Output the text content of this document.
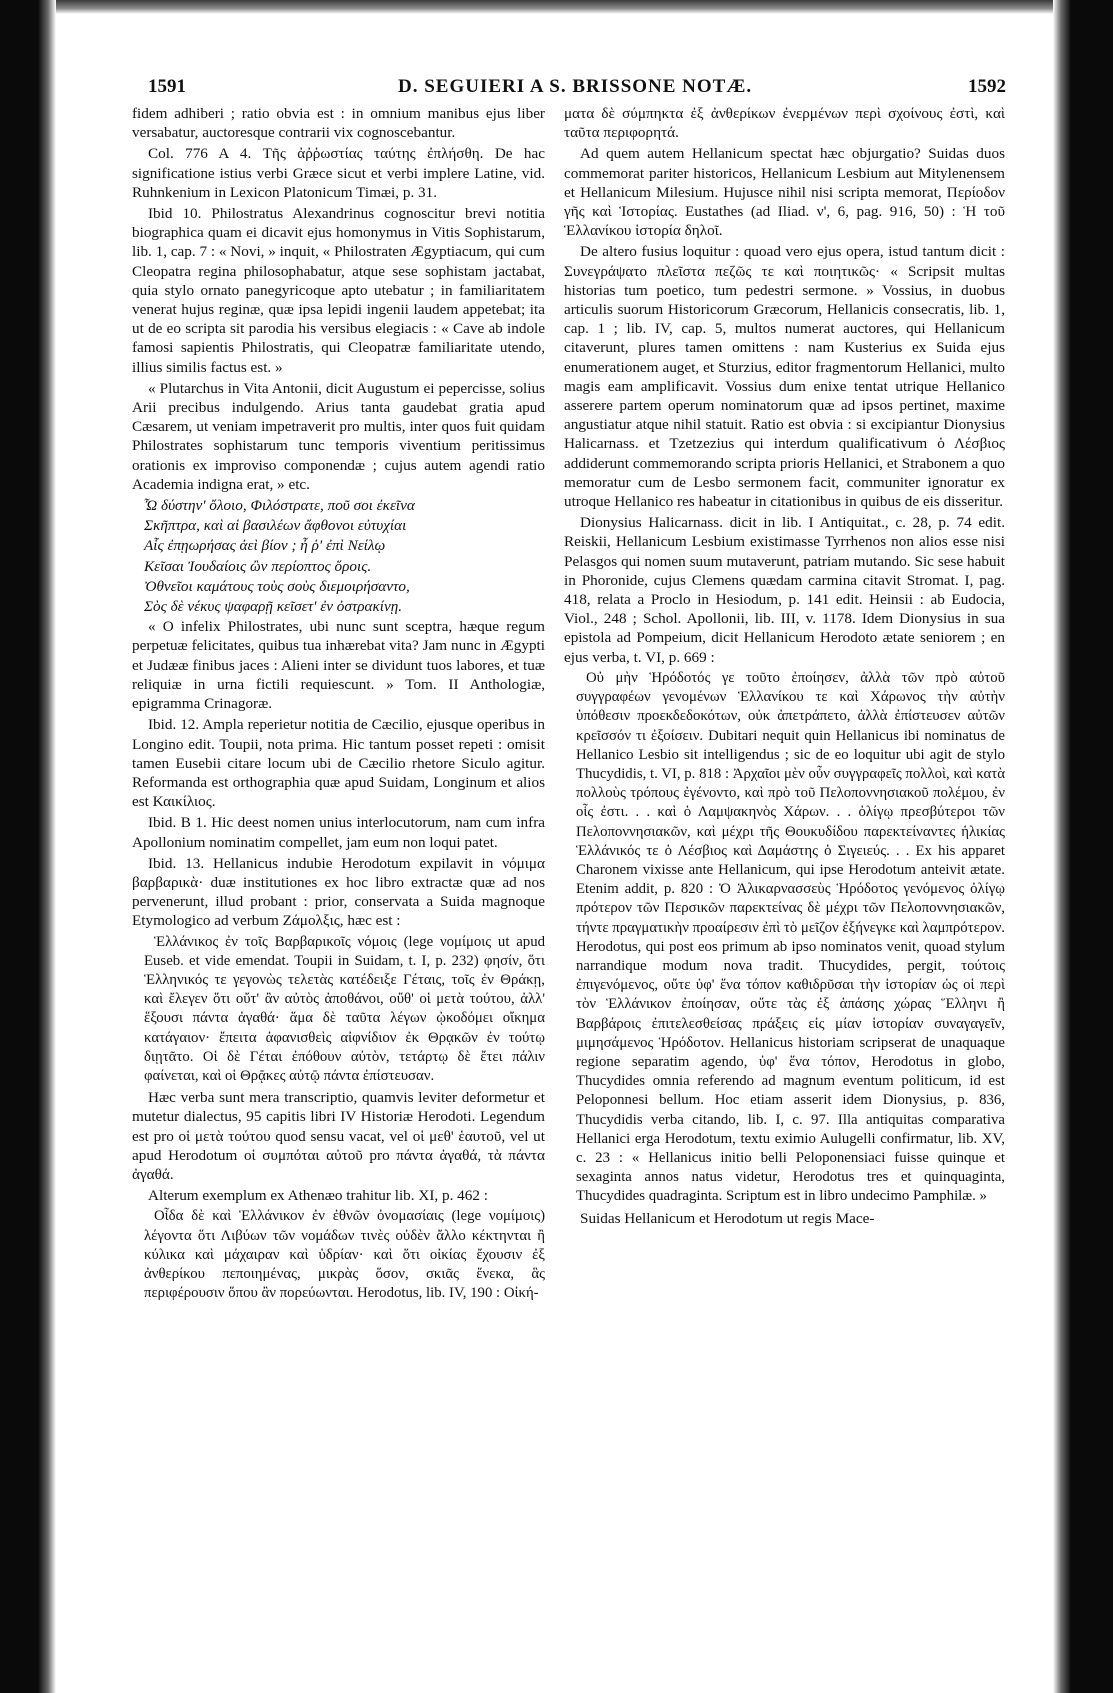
1591	D. SEGUIERI A S. BRISSONE NOTÆ.	1592

fidem adhiberi ; ratio obvia est : in omnium manibus ejus liber versabatur, auctoresque contrarii vix cognoscebantur.

Col. 776 A 4. Τῆς ἀῤῥωστίας ταύτης ἐπλήσθη. De hac significatione istius verbi Græce sicut et verbi implere Latine, vid. Ruhnkenium in Lexicon Platonicum Timæi, p. 31.

Ibid 10. Philostratus Alexandrinus cognoscitur brevi notitia biographica quam ei dicavit ejus homonymus in Vitis Sophistarum, lib. 1, cap. 7 : « Novi, » inquit, « Philostraten Ægyptiacum, qui cum Cleopatra regina philosophabatur, atque sese sophistam jactabat, quia stylo ornato panegyricoque apto utebatur ; in familiaritatem venerat hujus reginæ, quæ ipsa lepidi ingenii laudem appetebat; ita ut de eo scripta sit parodia his versibus elegiacis : « Cave ab indole famosi sapientis Philostratis, qui Cleopatræ familiaritate utendo, illius similis factus est. »

« Plutarchus in Vita Antonii, dicit Augustum ei pepercisse, solius Arii precibus indulgendo. Arius tanta gaudebat gratia apud Cæsarem, ut veniam impetraverit pro multis, inter quos fuit quidam Philostrates sophistarum tunc temporis viventium peritissimus orationis ex improviso componendæ ; cujus autem agendi ratio Academia indigna erat, » etc.

Ὦ δύστην' ὄλοιο, Φιλόστρατε, ποῦ σοι ἐκεῖνα

Σκῆπτρα, καὶ αἱ βασιλέων ἄφθονοι εὐτυχίαι

Αἷς ἐπῃωρήσας ἀεὶ βίον ; ἦ ῥ' ἐπὶ Νείλῳ

Κεῖσαι Ἰουδαίοις ὢν περίοπτος ὅροις.

Ὀθνεῖοι καμάτους τοὺς σοὺς διεμοιρήσαντο,

Σὸς δὲ νέκυς ψαφαρῇ κεῖσετ' ἐν ὀστρακίνῃ.

« O infelix Philostrates, ubi nunc sunt sceptra, hæque regum perpetuæ felicitates, quibus tua inhærebat vita? Jam nunc in Ægypti et Judææ finibus jaces : Alieni inter se dividunt tuos labores, et tuæ reliquiæ in urna fictili requiescunt. » Tom. II Anthologiæ, epigramma Crinagoræ.

Ibid. 12. Ampla reperietur notitia de Cæcilio, ejusque operibus in Longino edit. Toupii, nota prima. Hic tantum posset repeti : omisit tamen Eusebii citare locum ubi de Cæcilio rhetore Siculo agitur. Reformanda est orthographia quæ apud Suidam, Longinum et alios est Καικίλιος.

Ibid. B 1. Hic deest nomen unius interlocutorum, nam cum infra Apollonium nominatim compellet, jam eum non loqui patet.

Ibid. 13. Hellanicus indubie Herodotum expilavit in νόμιμα βαρβαρικὰ· duæ institutiones ex hoc libro extractæ quæ ad nos pervenerunt, illud probant : prior, conservata a Suida magnoque Etymologico ad verbum Ζάμολξις, hæc est :

Ἑλλάνικος ἐν τοῖς Βαρβαρικοῖς νόμοις (lege νομίμοις ut apud Euseb. et vide emendat. Toupii in Suidam, t. I, p. 232) φησίν, ὅτι Ἑλληνικός τε γεγονὼς τελετὰς κατέδειξε Γέταις, τοῖς ἐν Θράκῃ, καὶ ἔλεγεν ὅτι οὔτ' ἂν αὐτὸς ἀποθάνοι, οὔθ' οἱ μετὰ τούτου, ἀλλ' ἕξουσι πάντα ἀγαθά· ἅμα δὲ ταῦτα λέγων ᾠκοδόμει οἴκημα κατάγαιον· ἔπειτα ἀφανισθεὶς αἰφνίδιον ἐκ Θρᾳκῶν ἐν τούτῳ διῃτᾶτο. Οἱ δὲ Γέται ἐπόθουν αὐτὸν, τετάρτῳ δὲ ἔτει πάλιν φαίνεται, καὶ οἱ Θρᾷκες αὐτῷ πάντα ἐπίστευσαν.

Hæc verba sunt mera transcriptio, quamvis leviter deformetur et mutetur dialectus, 95 capitis libri IV Historiæ Herodoti. Legendum est pro οἱ μετὰ τούτου quod sensu vacat, vel οἱ μεθ' ἑαυτοῦ, vel ut apud Herodotum οἱ συμπόται αὐτοῦ pro πάντα ἀγαθά, τὰ πάντα ἀγαθά.

Alterum exemplum ex Athenæo trahitur lib. XI, p. 462 :

Οἶδα δὲ καὶ Ἑλλάνικον ἐν ἐθνῶν ὀνομασίαις (lege νομίμοις) λέγοντα ὅτι Λιβύων τῶν νομάδων τινὲς οὐδὲν ἄλλο κέκτηνται ἢ κύλικα καὶ μάχαιραν καὶ ὑδρίαν· καὶ ὅτι οἰκίας ἔχουσιν ἐξ ἀνθερίκου πεποιημένας, μικρὰς ὅσον, σκιᾶς ἕνεκα, ἃς περιφέρουσιν ὅπου ἂν πορεύωνται. Herodotus, lib. IV, 190 : Οἰκή-

ματα δὲ σύμπηκτα ἐξ ἀνθερίκων ἐνερμένων περὶ σχοίνους ἐστὶ, καὶ ταῦτα περιφορητά.

Ad quem autem Hellanicum spectat hæc objurgatio? Suidas duos commemorat pariter historicos, Hellanicum Lesbium aut Mitylenensem et Hellanicum Milesium. Hujusce nihil nisi scripta memorat, Περίοδον γῆς καὶ Ἱστορίας. Eustathes (ad Iliad. ν', 6, pag. 916, 50) : Ἡ τοῦ Ἑλλανίκου ἱστορία δηλοῖ.

De altero fusius loquitur : quoad vero ejus opera, istud tantum dicit : Συνεγράψατο πλεῖστα πεζῶς τε καὶ ποιητικῶς· « Scripsit multas historias tum poetico, tum pedestri sermone. » Vossius, in duobus articulis suorum Historicorum Græcorum, Hellanicis consecratis, lib. 1, cap. 1 ; lib. IV, cap. 5, multos numerat auctores, qui Hellanicum citaverunt, plures tamen omittens : nam Kusterius ex Suida ejus enumerationem auget, et Sturzius, editor fragmentorum Hellanici, multo magis eam amplificavit. Vossius dum enixe tentat utrique Hellanico asserere partem operum nominatorum quæ ad ipsos pertinet, maxime angustiatur atque nihil statuit. Ratio est obvia : si excipiantur Dionysius Halicarnass. et Tzetzezius qui interdum qualificativum ὁ Λέσβιος addiderunt commemorando scripta prioris Hellanici, et Strabonem a quo memoratur cum de Lesbo sermonem facit, communiter ignoratur ex utroque Hellanico res habeatur in citationibus in quibus de eis disseritur.

Dionysius Halicarnass. dicit in lib. I Antiquitat., c. 28, p. 74 edit. Reiskii, Hellanicum Lesbium existimasse Tyrrhenos non alios esse nisi Pelasgos qui nomen suum mutaverunt, patriam mutando. Sic sese habuit in Phoronide, cujus Clemens quædam carmina citavit Stromat. I, pag. 418, relata a Proclo in Hesiodum, p. 141 edit. Heinsii : ab Eudocia, Viol., 248 ; Schol. Apollonii, lib. III, v. 1178. Idem Dionysius in sua epistola ad Pompeium, dicit Hellanicum Herodoto ætate seniorem ; en ejus verba, t. VI, p. 669 :

Οὐ μὴν Ἡρόδοτός γε τοῦτο ἐποίησεν, ἀλλὰ τῶν πρὸ αὐτοῦ συγγραφέων γενομένων Ἑλλανίκου τε καὶ Χάρωνος τὴν αὐτὴν ὑπόθεσιν προεκδεδοκότων, οὐκ ἀπετράπετο, ἀλλὰ ἐπίστευσεν αὐτῶν κρεῖσσόν τι ἐξοίσειν. Dubitari nequit quin Hellanicus ibi nominatus de Hellanico Lesbio sit intelligendus ; sic de eo loquitur ubi agit de stylo Thucydidis, t. VI, p. 818 : Ἀρχαῖοι μὲν οὖν συγγραφεῖς πολλοὶ, καὶ κατὰ πολλοὺς τρόπους ἐγένοντο, καὶ πρὸ τοῦ Πελοποννησιακοῦ πολέμου, ἐν οἷς ἐστι. . . καὶ ὁ Λαμψακηνὸς Χάρων. . . ὀλίγῳ πρεσβύτεροι τῶν Πελοποννησιακῶν, καὶ μέχρι τῆς Θουκυδίδου παρεκτείναντες ἡλικίας Ἑλλάνικός τε ὁ Λέσβιος καὶ Δαμάστης ὁ Σιγειεύς. . . Ex his apparet Charonem vixisse ante Hellanicum, qui ipse Herodotum anteivit ætate. Etenim addit, p. 820 : Ὁ Ἁλικαρνασσεὺς Ἡρόδοτος γενόμενος ὀλίγῳ πρότερον τῶν Περσικῶν παρεκτείνας δὲ μέχρι τῶν Πελοποννησιακῶν, τήντε πραγματικὴν προαίρεσιν ἐπὶ τὸ μεῖζον ἐξήνεγκε καὶ λαμπρότερον. Herodotus, qui post eos primum ab ipso nominatos venit, quoad stylum narrandique modum nova tradit. Thucydides, pergit, τούτοις ἐπιγενόμενος, οὔτε ὑφ' ἕνα τόπον καθιδρῦσαι τὴν ἱστορίαν ὡς οἱ περὶ τὸν Ἑλλάνικον ἐποίησαν, οὔτε τὰς ἐξ ἁπάσης χώρας Ἕλληνι ἢ Βαρβάροις ἐπιτελεσθείσας πράξεις εἰς μίαν ἱστορίαν συναγαγεῖν, μιμησάμενος Ἡρόδοτον. Hellanicus historiam scripserat de unaquaque regione separatim agendo, ὑφ' ἕνα τόπον, Herodotus in globo, Thucydides omnia referendo ad magnum eventum politicum, id est Peloponnesi bellum. Hoc etiam asserit idem Dionysius, p. 836, Thucydidis verba citando, lib. I, c. 97. Illa antiquitas comparativa Hellanici erga Herodotum, textu eximio Aulugelli confirmatur, lib. XV, c. 23 : « Hellanicus initio belli Peloponensiaci fuisse quinque et sexaginta annos natus videtur, Herodotus tres et quinquaginta, Thucydides quadraginta. Scriptum est in libro undecimo Pamphilæ. »

Suidas Hellanicum et Herodotum ut regis Mace-
